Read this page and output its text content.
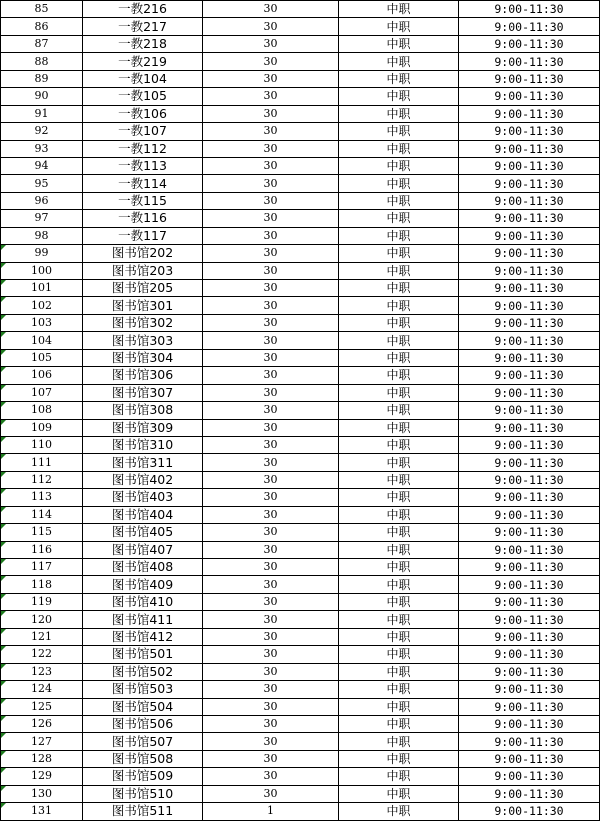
85	一教216	30	中职	9:00-11:30
86	一教217	30	中职	9:00-11:30
87	一教218	30	中职	9:00-11:30
88	一教219	30	中职	9:00-11:30
89	一教104	30	中职	9:00-11:30
90	一教105	30	中职	9:00-11:30
91	一教106	30	中职	9:00-11:30
92	一教107	30	中职	9:00-11:30
93	一教112	30	中职	9:00-11:30
94	一教113	30	中职	9:00-11:30
95	一教114	30	中职	9:00-11:30
96	一教115	30	中职	9:00-11:30
97	一教116	30	中职	9:00-11:30
98	一教117	30	中职	9:00-11:30

99	图书馆202	30	中职	9:00-11:30

100	图书馆203	30	中职	9:00-11:30

101	图书馆205	30	中职	9:00-11:30

102	图书馆301	30	中职	9:00-11:30

103	图书馆302	30	中职	9:00-11:30

104	图书馆303	30	中职	9:00-11:30

105	图书馆304	30	中职	9:00-11:30

106	图书馆306	30	中职	9:00-11:30

107	图书馆307	30	中职	9:00-11:30

108	图书馆308	30	中职	9:00-11:30

109	图书馆309	30	中职	9:00-11:30

110	图书馆310	30	中职	9:00-11:30

111	图书馆311	30	中职	9:00-11:30

112	图书馆402	30	中职	9:00-11:30

113	图书馆403	30	中职	9:00-11:30

114	图书馆404	30	中职	9:00-11:30

115	图书馆405	30	中职	9:00-11:30

116	图书馆407	30	中职	9:00-11:30

117	图书馆408	30	中职	9:00-11:30

118	图书馆409	30	中职	9:00-11:30

119	图书馆410	30	中职	9:00-11:30

120	图书馆411	30	中职	9:00-11:30

121	图书馆412	30	中职	9:00-11:30

122	图书馆501	30	中职	9:00-11:30

123	图书馆502	30	中职	9:00-11:30

124	图书馆503	30	中职	9:00-11:30

125	图书馆504	30	中职	9:00-11:30

126	图书馆506	30	中职	9:00-11:30

127	图书馆507	30	中职	9:00-11:30

128	图书馆508	30	中职	9:00-11:30

129	图书馆509	30	中职	9:00-11:30

130	图书馆510	30	中职	9:00-11:30

131	图书馆511	1	中职	9:00-11:30
